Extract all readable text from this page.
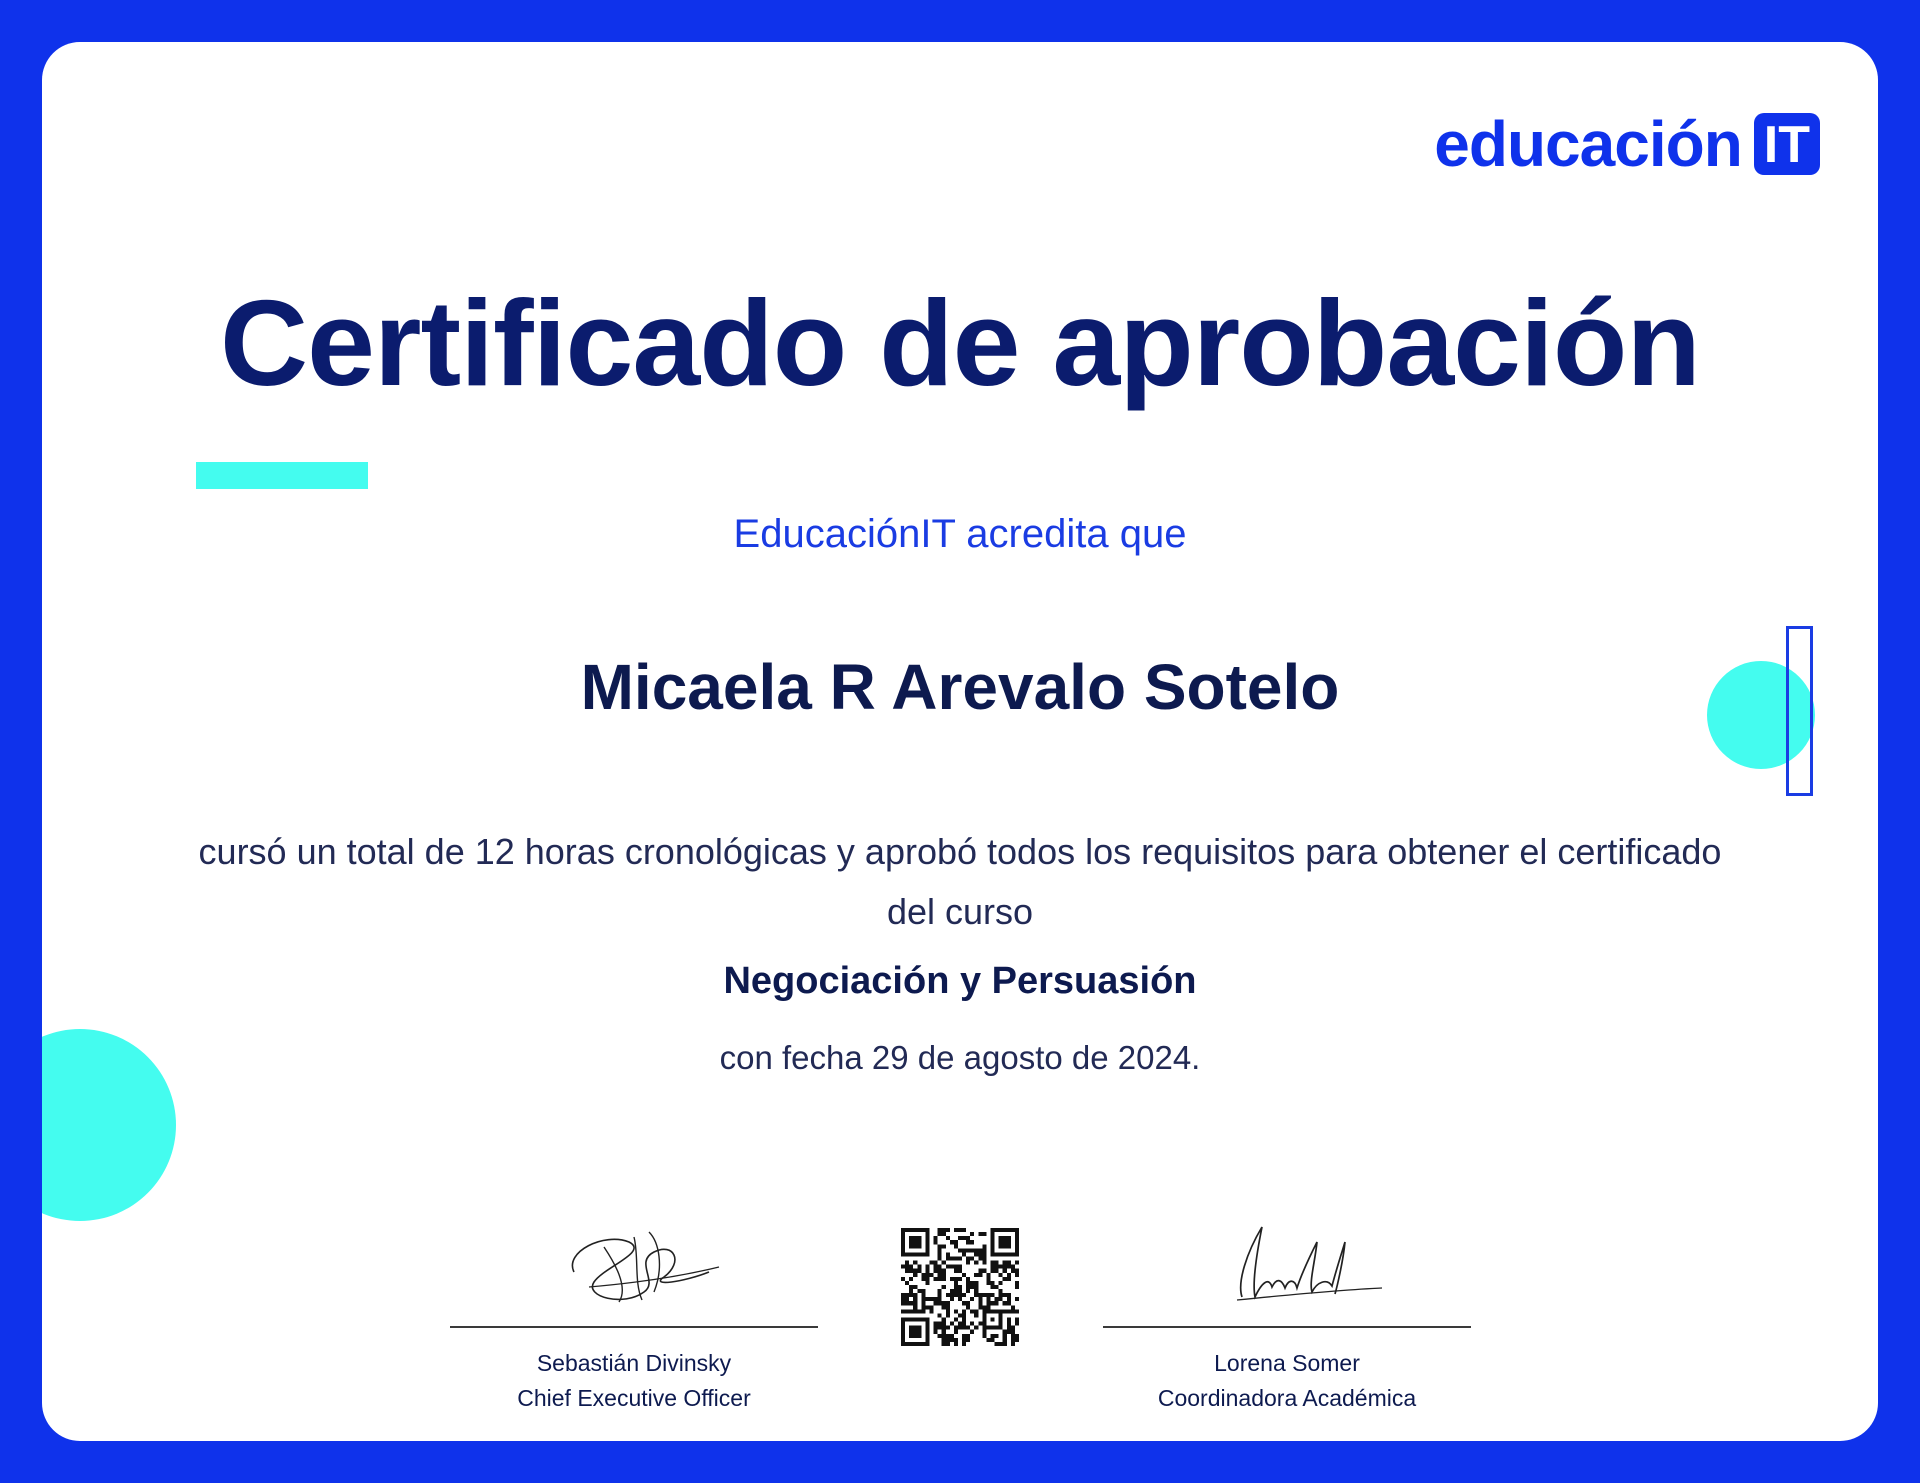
educación IT
Certificado de aprobación
EducaciónIT acredita que
Micaela R Arevalo Sotelo
cursó un total de 12 horas cronológicas y aprobó todos los requisitos para obtener el certificado del curso
Negociación y Persuasión
con fecha 29 de agosto de 2024.
Sebastián Divinsky
Chief Executive Officer
Lorena Somer
Coordinadora Académica
